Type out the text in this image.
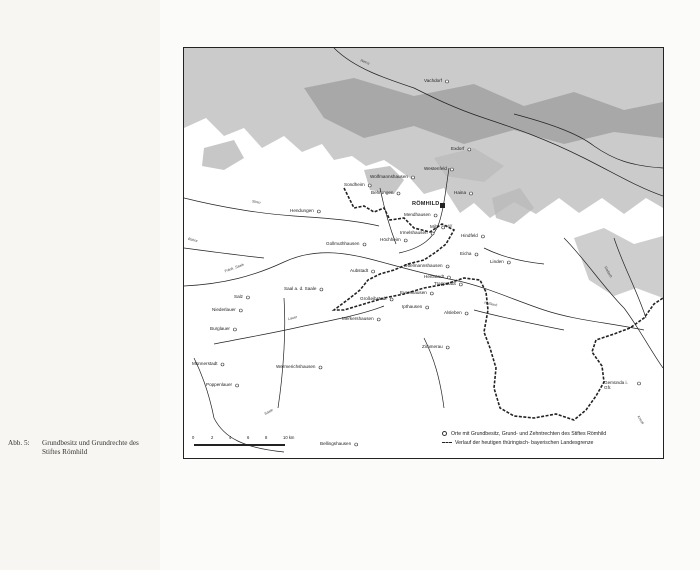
Abb. 5: Grundbesitz und Grundrechte des Stiftes Römhild
Vachdorf
Exdorf
Westenfeld
Wolfmannshausen
Sondheim
Behrungen	Haina
RÖMHILD
Hendungen
Mendhausen
Milz
Irmelshausen
Höchheim
Gollmuthhausen
Hindfeld
Eicha
Linden
Ottelmannshausen
Aubstadt
Herbstadt
Saal a. d. Saale
Trappstadt
Eyershausen
Großeibstadt
Ipthausen
Salz
Merkershausen
Alsleben
Niederlauer
Burglauer
Zimmerau
Münnerstadt
Wermerichshausen
Poppenlauer	Gemünda i. Gfr.
Bellingshausen
Werra
Milz
Fränk. Saale
Streu
Bahra
Haßlach
Rodach
Kreck
Lauer
Saale
0	2	4	6	8	10 km
Orte mit Grundbesitz, Grund- und Zehntrechten des Stiftes Römhild
Verlauf der heutigen thüringisch- bayerischen Landesgrenze
